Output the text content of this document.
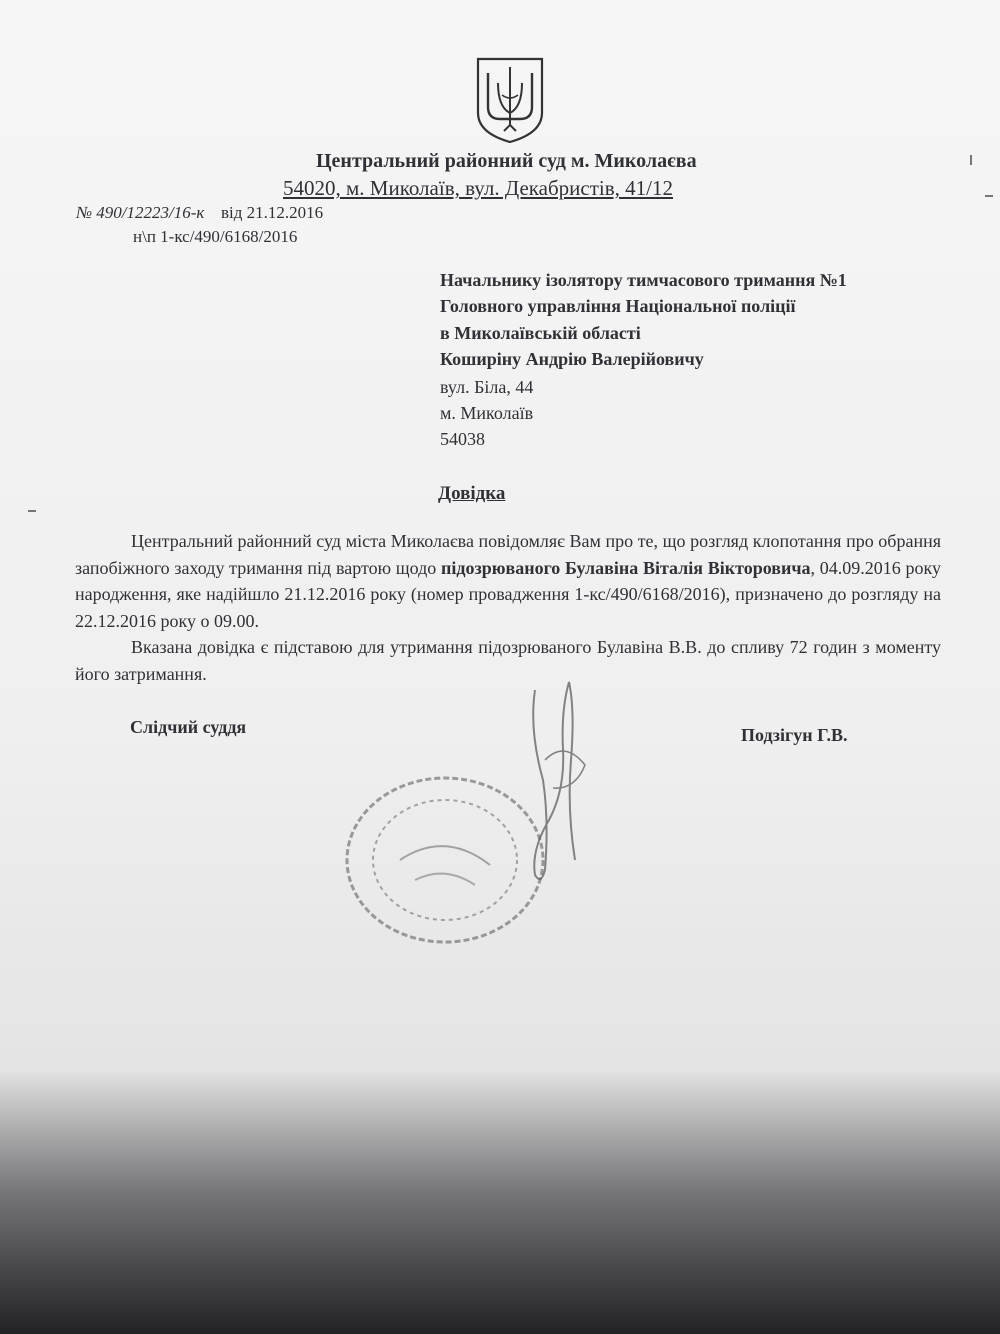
Центральний районний суд м. Миколаєва
54020, м. Миколаїв, вул. Декабристів, 41/12
№ 490/12223/16-к від 21.12.2016
н\п 1-кс/490/6168/2016
Начальнику ізолятору тимчасового тримання №1
Головного управління Національної поліції
в Миколаївській області
Коширіну Андрію Валерійовичу
вул. Біла, 44
м. Миколаїв
54038
Довідка

Центральний районний суд міста Миколаєва повідомляє Вам про те, що розгляд клопотання про обрання запобіжного заходу тримання під вартою щодо підозрюваного Булавіна Віталія Вікторовича, 04.09.2016 року народження, яке надійшло 21.12.2016 року (номер провадження 1-кс/490/6168/2016), призначено до розгляду на 22.12.2016 року о 09.00.

Вказана довідка є підставою для утримання підозрюваного Булавіна В.В. до спливу 72 годин з моменту його затримання.

Слідчий суддя	Подзігун Г.В.
